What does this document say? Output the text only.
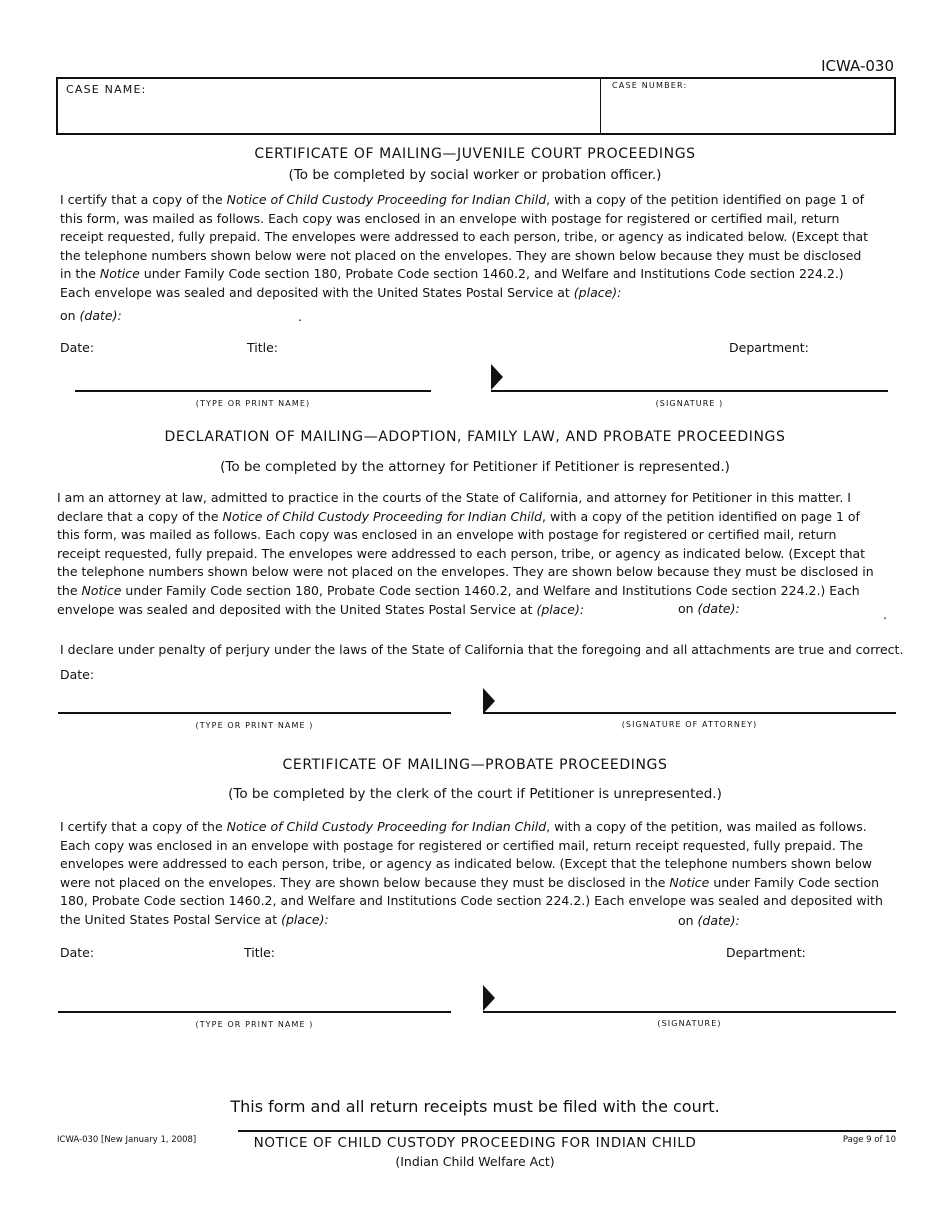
ICWA-030
CASE NAME:	CASE NUMBER:
CERTIFICATE OF MAILING—JUVENILE COURT PROCEEDINGS
(To be completed by social worker or probation officer.)
I certify that a copy of the Notice of Child Custody Proceeding for Indian Child, with a copy of the petition identified on page 1 of this form, was mailed as follows. Each copy was enclosed in an envelope with postage for registered or certified mail, return receipt requested, fully prepaid. The envelopes were addressed to each person, tribe, or agency as indicated below. (Except that the telephone numbers shown below were not placed on the envelopes. They are shown below because they must be disclosed in the Notice under Family Code section 180, Probate Code section 1460.2, and Welfare and Institutions Code section 224.2.) Each envelope was sealed and deposited with the United States Postal Service at (place):
on (date):	.
Date:	Title:	Department:
(TYPE OR PRINT NAME)	(SIGNATURE )
DECLARATION OF MAILING—ADOPTION, FAMILY LAW, AND PROBATE PROCEEDINGS
(To be completed by the attorney for Petitioner if Petitioner is represented.)
I am an attorney at law, admitted to practice in the courts of the State of California, and attorney for Petitioner in this matter. I declare that a copy of the Notice of Child Custody Proceeding for Indian Child, with a copy of the petition identified on page 1 of this form, was mailed as follows. Each copy was enclosed in an envelope with postage for registered or certified mail, return receipt requested, fully prepaid. The envelopes were addressed to each person, tribe, or agency as indicated below. (Except that the telephone numbers shown below were not placed on the envelopes. They are shown below because they must be disclosed in the Notice under Family Code section 180, Probate Code section 1460.2, and Welfare and Institutions Code section 224.2.) Each envelope was sealed and deposited with the United States Postal Service at (place):	on (date):	.
I declare under penalty of perjury under the laws of the State of California that the foregoing and all attachments are true and correct.
Date:
(TYPE OR PRINT NAME )	(SIGNATURE OF ATTORNEY)
CERTIFICATE OF MAILING—PROBATE PROCEEDINGS
(To be completed by the clerk of the court if Petitioner is unrepresented.)
I certify that a copy of the Notice of Child Custody Proceeding for Indian Child, with a copy of the petition, was mailed as follows. Each copy was enclosed in an envelope with postage for registered or certified mail, return receipt requested, fully prepaid. The envelopes were addressed to each person, tribe, or agency as indicated below. (Except that the telephone numbers shown below were not placed on the envelopes. They are shown below because they must be disclosed in the Notice under Family Code section 180, Probate Code section 1460.2, and Welfare and Institutions Code section 224.2.) Each envelope was sealed and deposited with the United States Postal Service at (place):	on (date):
Date:	Title:	Department:
(TYPE OR PRINT NAME )	(SIGNATURE)
This form and all return receipts must be filed with the court.
ICWA-030 [New January 1, 2008]	NOTICE OF CHILD CUSTODY PROCEEDING FOR INDIAN CHILD
(Indian Child Welfare Act)
Page 9 of 10
